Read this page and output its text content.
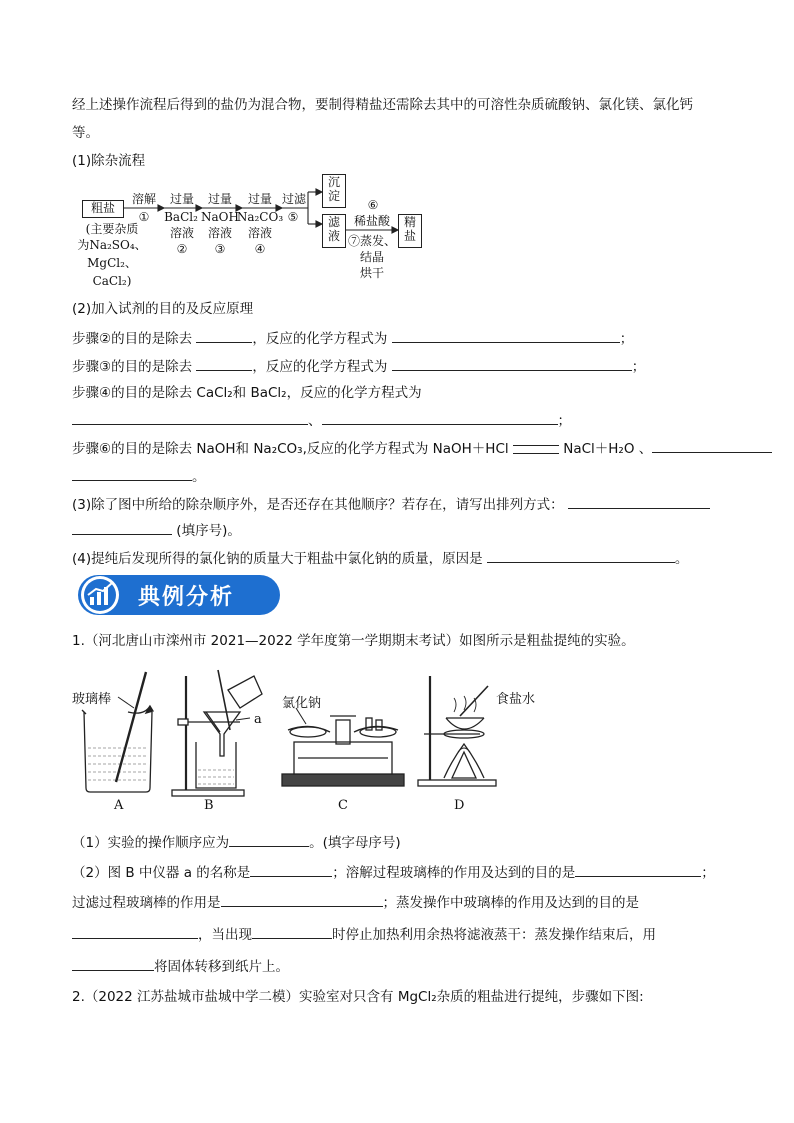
经上述操作流程后得到的盐仍为混合物，要制得精盐还需除去其中的可溶性杂质硫酸钠、氯化镁、氯化钙
等。
(1)除杂流程
粗盐
(主要杂质
为Na₂SO₄、
MgCl₂、
CaCl₂)
溶解
①
过量
BaCl₂
溶液
②
过量
NaOH
溶液
③
过量
Na₂CO₃
溶液
④
过滤
⑤
沉
淀
滤
液
⑥
稀盐酸
⑦蒸发、
结晶
烘干
精
盐
(2)加入试剂的目的及反应原理
步骤②的目的是除去	，反应的化学方程式为	；
步骤③的目的是除去	，反应的化学方程式为	；
步骤④的目的是除去 CaCl₂和 BaCl₂，反应的化学方程式为
、	；
步骤⑥的目的是除去 NaOH和 Na₂CO₃,反应的化学方程式为 NaOH＋HCl	NaCl＋H₂O 、
。
(3)除了图中所给的除杂顺序外，是否还存在其他顺序？若存在，请写出排列方式：
(填序号)。
(4)提纯后发现所得的氯化钠的质量大于粗盐中氯化钠的质量，原因是	。
典例分析
1.（河北唐山市滦州市 2021—2022 学年度第一学期期末考试）如图所示是粗盐提纯的实验。
玻璃棒
a
氯化钠	食盐水
A	B	C	D
（1）实验的操作顺序应为	。(填字母序号)
（2）图 B 中仪器 a 的名称是	；溶解过程玻璃棒的作用及达到的目的是	；
过滤过程玻璃棒的作用是	；蒸发操作中玻璃棒的作用及达到的目的是
，当出现	时停止加热利用余热将滤液蒸干：蒸发操作结束后，用
将固体转移到纸片上。
2.（2022 江苏盐城市盐城中学二模）实验室对只含有 MgCl₂杂质的粗盐进行提纯，步骤如下图:
